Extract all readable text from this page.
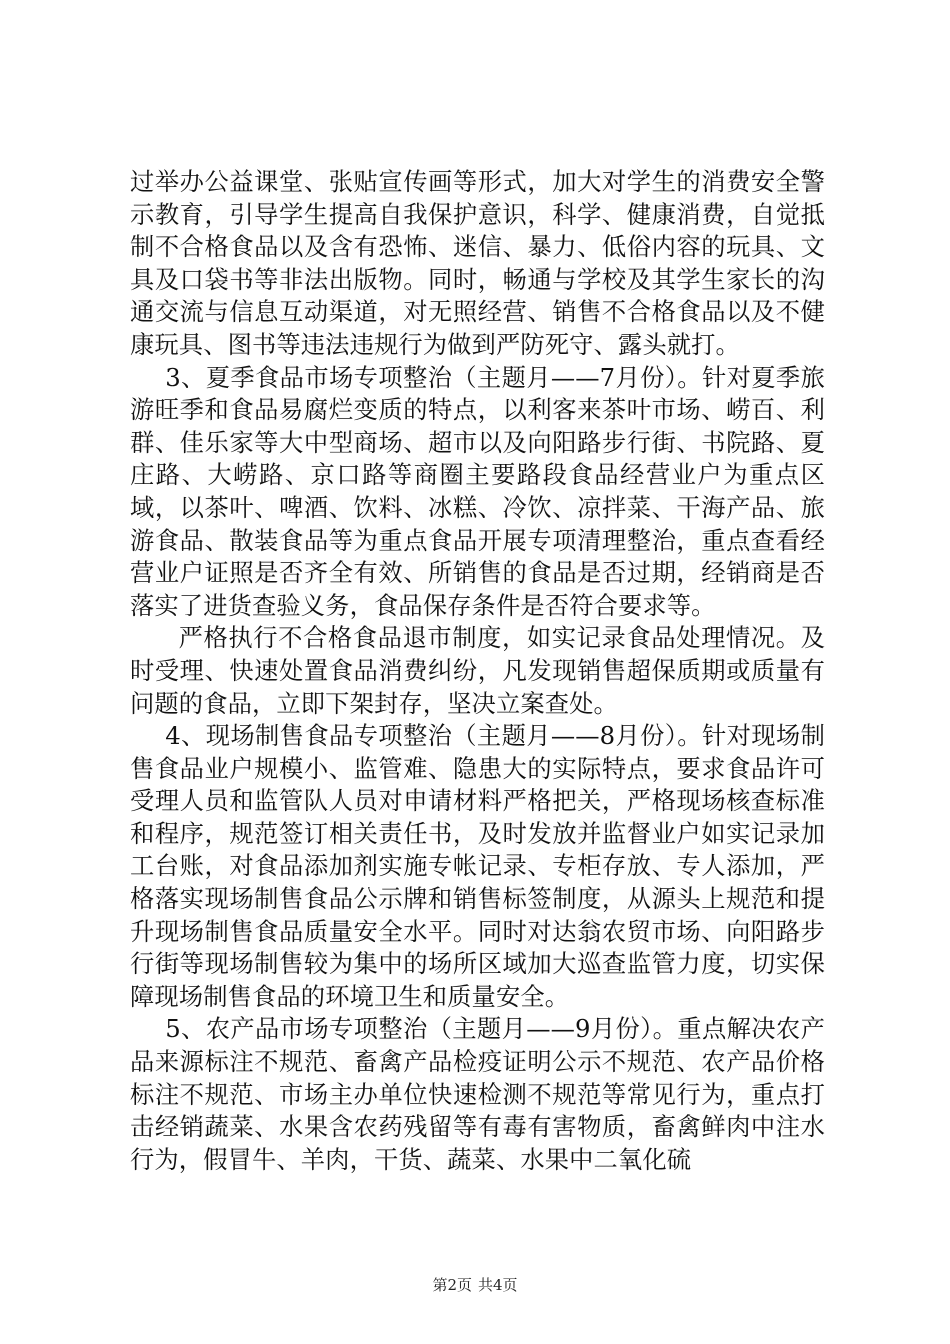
过举办公益课堂、张贴宣传画等形式，加大对学生的消费安全警示教育，引导学生提高自我保护意识，科学、健康消费，自觉抵制不合格食品以及含有恐怖、迷信、暴力、低俗内容的玩具、文具及口袋书等非法出版物。同时，畅通与学校及其学生家长的沟通交流与信息互动渠道，对无照经营、销售不合格食品以及不健康玩具、图书等违法违规行为做到严防死守、露头就打。

3、夏季食品市场专项整治（主题月——7月份）。针对夏季旅游旺季和食品易腐烂变质的特点，以利客来茶叶市场、崂百、利群、佳乐家等大中型商场、超市以及向阳路步行街、书院路、夏庄路、大崂路、京口路等商圈主要路段食品经营业户为重点区域，以茶叶、啤酒、饮料、冰糕、冷饮、凉拌菜、干海产品、旅游食品、散装食品等为重点食品开展专项清理整治，重点查看经营业户证照是否齐全有效、所销售的食品是否过期，经销商是否落实了进货查验义务，食品保存条件是否符合要求等。

严格执行不合格食品退市制度，如实记录食品处理情况。及时受理、快速处置食品消费纠纷，凡发现销售超保质期或质量有问题的食品，立即下架封存，坚决立案查处。

4、现场制售食品专项整治（主题月——8月份）。针对现场制售食品业户规模小、监管难、隐患大的实际特点，要求食品许可受理人员和监管队人员对申请材料严格把关，严格现场核查标准和程序，规范签订相关责任书，及时发放并监督业户如实记录加工台账，对食品添加剂实施专帐记录、专柜存放、专人添加，严格落实现场制售食品公示牌和销售标签制度，从源头上规范和提升现场制售食品质量安全水平。同时对达翁农贸市场、向阳路步行街等现场制售较为集中的场所区域加大巡查监管力度，切实保障现场制售食品的环境卫生和质量安全。

5、农产品市场专项整治（主题月——9月份）。重点解决农产品来源标注不规范、畜禽产品检疫证明公示不规范、农产品价格标注不规范、市场主办单位快速检测不规范等常见行为，重点打击经销蔬菜、水果含农药残留等有毒有害物质，畜禽鲜肉中注水行为，假冒牛、羊肉，干货、蔬菜、水果中二氧化硫

第2页 共4页
